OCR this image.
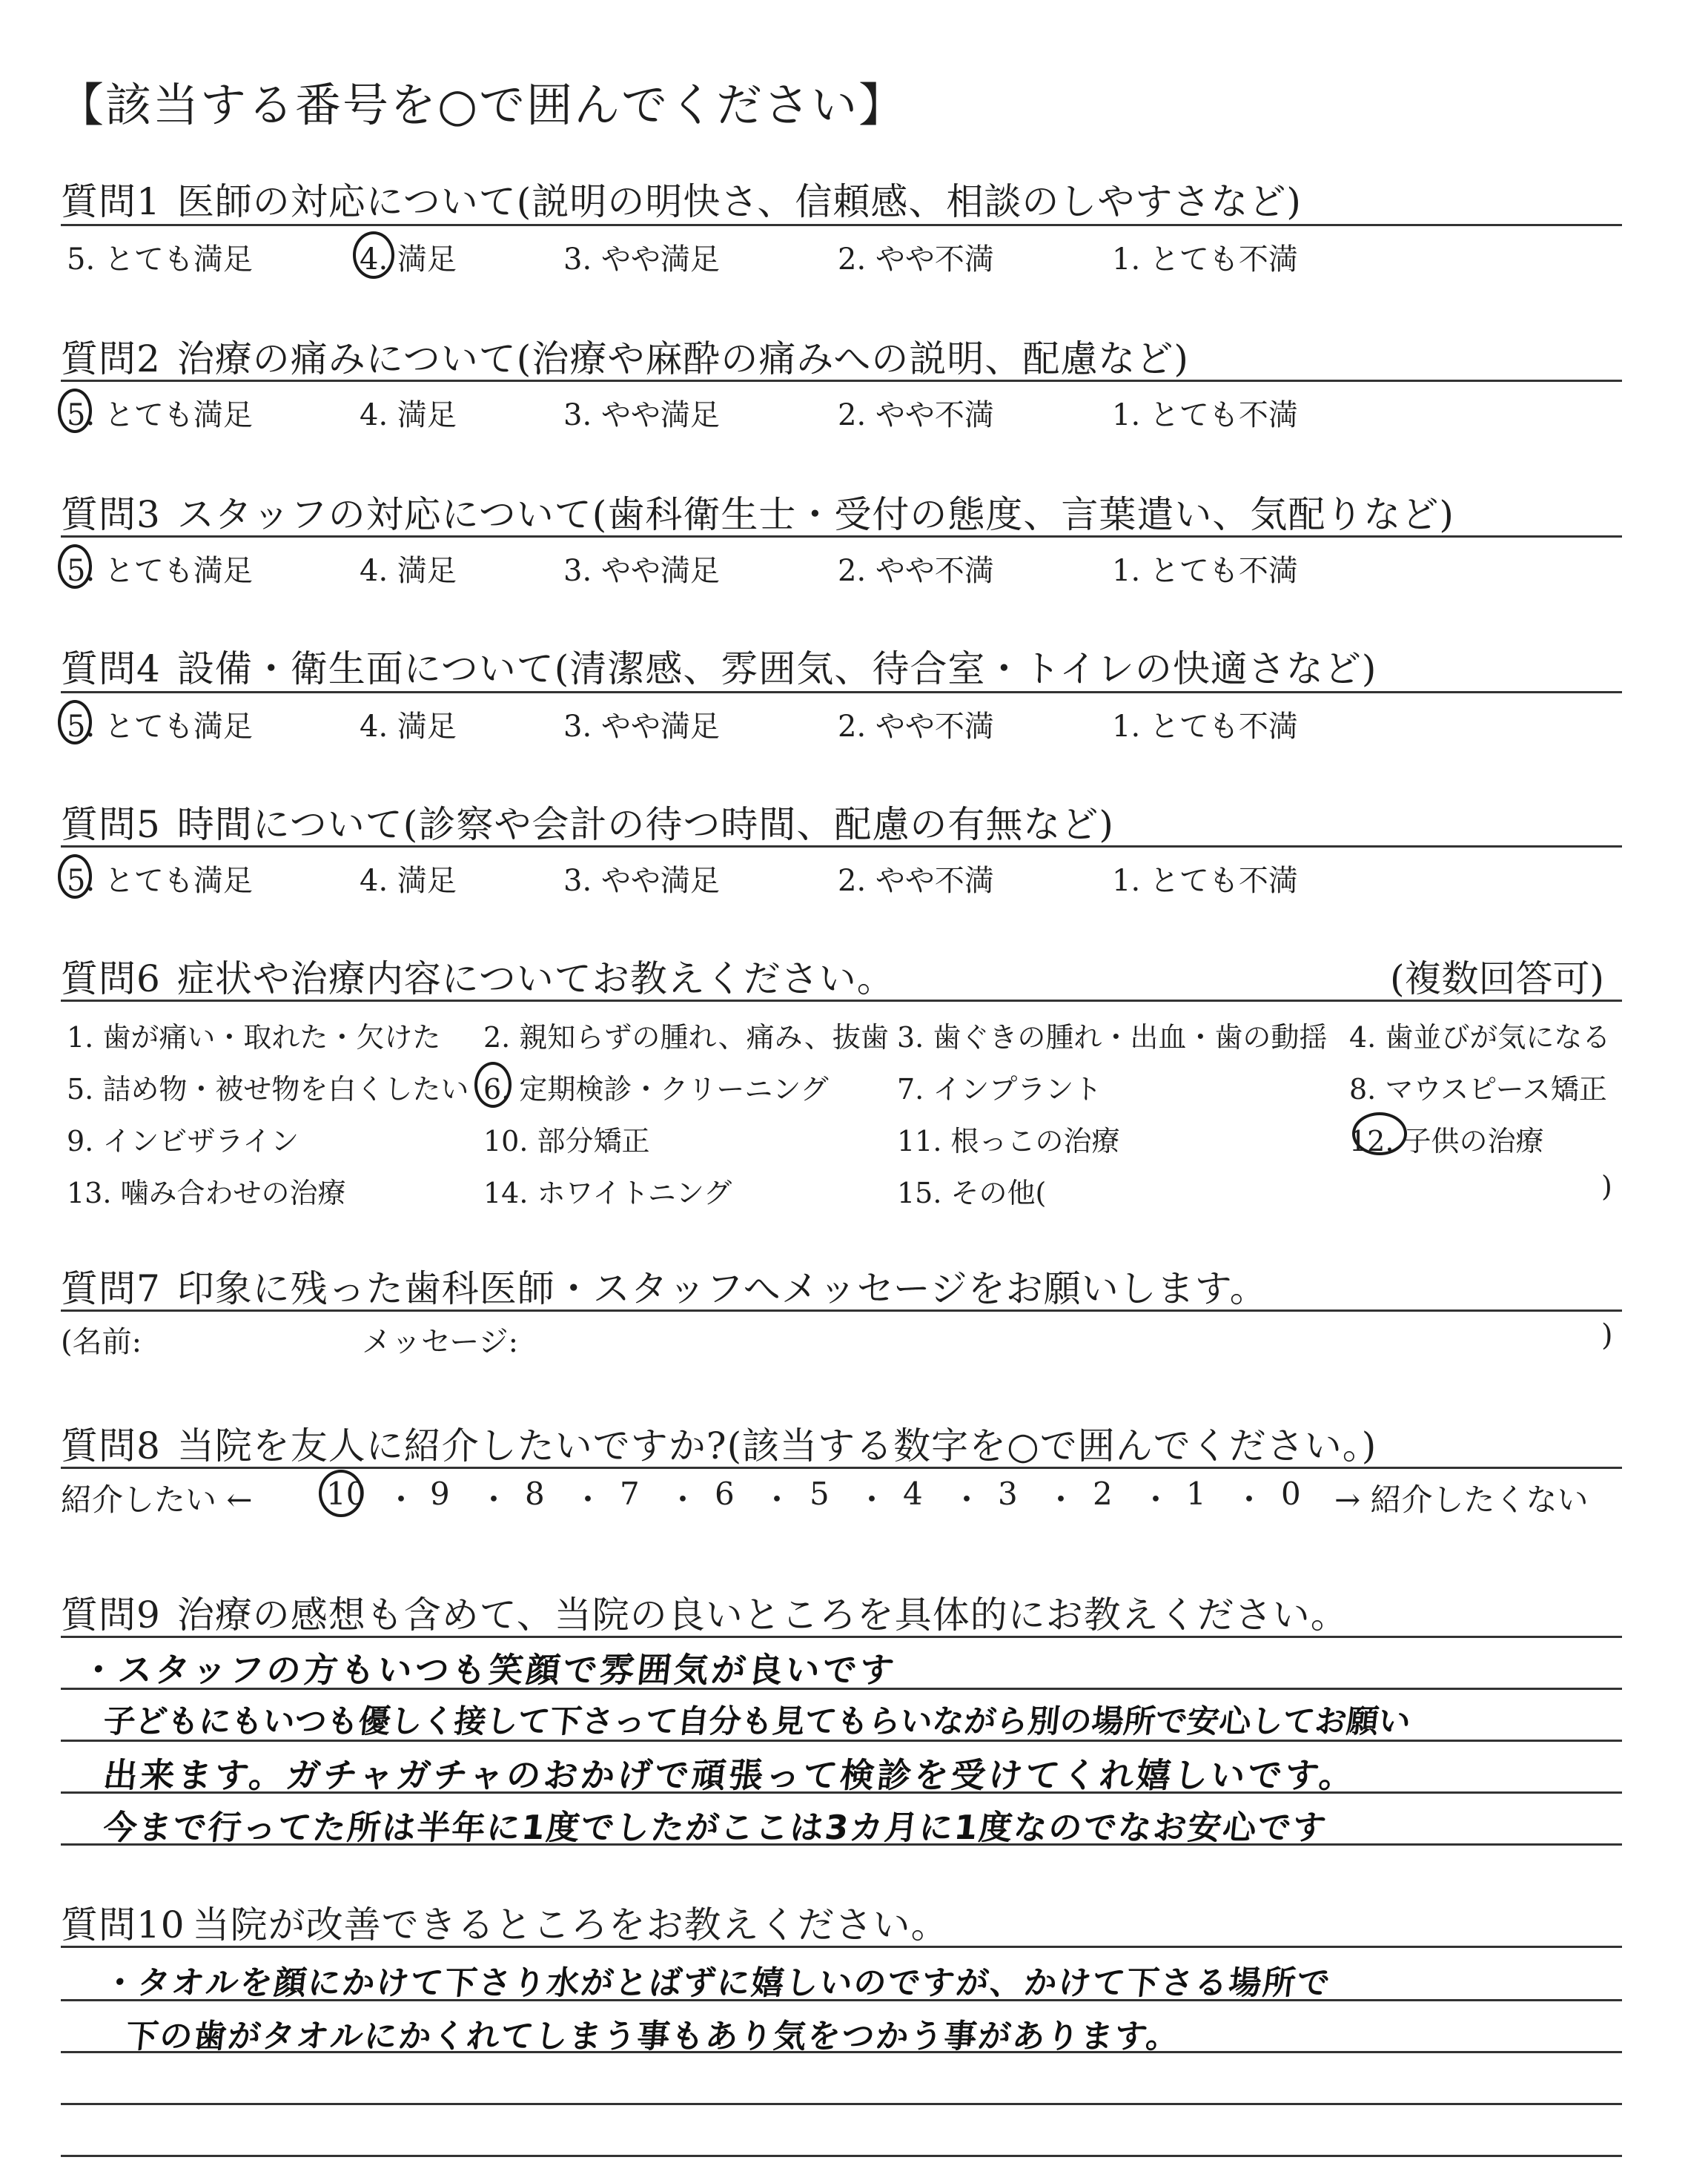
【該当する番号を○で囲んでください】
質問1 医師の対応について(説明の明快さ、信頼感、相談のしやすさなど)
5. とても満足	4. 満足	3. やや満足	2. やや不満	1. とても不満
質問2 治療の痛みについて(治療や麻酔の痛みへの説明、配慮など)
5. とても満足	4. 満足	3. やや満足	2. やや不満	1. とても不満
質問3 スタッフの対応について(歯科衛生士・受付の態度、言葉遣い、気配りなど)
5. とても満足	4. 満足	3. やや満足	2. やや不満	1. とても不満
質問4 設備・衛生面について(清潔感、雰囲気、待合室・トイレの快適さなど)
5. とても満足	4. 満足	3. やや満足	2. やや不満	1. とても不満
質問5 時間について(診察や会計の待つ時間、配慮の有無など)
5. とても満足	4. 満足	3. やや満足	2. やや不満	1. とても不満
質問6 症状や治療内容についてお教えください。	(複数回答可)
1. 歯が痛い・取れた・欠けた 2. 親知らずの腫れ、痛み、抜歯 3. 歯ぐきの腫れ・出血・歯の動揺 4. 歯並びが気になる
5. 詰め物・被せ物を白くしたい 6. 定期検診・クリーニング 7. インプラント	8. マウスピース矯正
9. インビザライン	10. 部分矯正	11. 根っこの治療	12. 子供の治療
13. 噛み合わせの治療	14. ホワイトニング	15. その他(	)
質問7 印象に残った歯科医師・スタッフへメッセージをお願いします。
(名前:	メッセージ:	)
質問8 当院を友人に紹介したいですか?(該当する数字を○で囲んでください。)
紹介したい ← 10 ・ 9 ・ 8 ・ 7 ・ 6 ・ 5 ・ 4 ・ 3 ・ 2 ・ 1 ・ 0 → 紹介したくない
質問9 治療の感想も含めて、当院の良いところを具体的にお教えください。
・スタッフの方もいつも笑顔で雰囲気が良いです
子どもにもいつも優しく接して下さって自分も見てもらいながら別の場所で安心してお願い
出来ます。ガチャガチャのおかげで頑張って検診を受けてくれ嬉しいです。
今まで行ってた所は半年に1度でしたがここは3カ月に1度なのでなお安心です
質問10 当院が改善できるところをお教えください。
・タオルを顔にかけて下さり水がとばずに嬉しいのですが、かけて下さる場所で
下の歯がタオルにかくれてしまう事もあり気をつかう事があります。
